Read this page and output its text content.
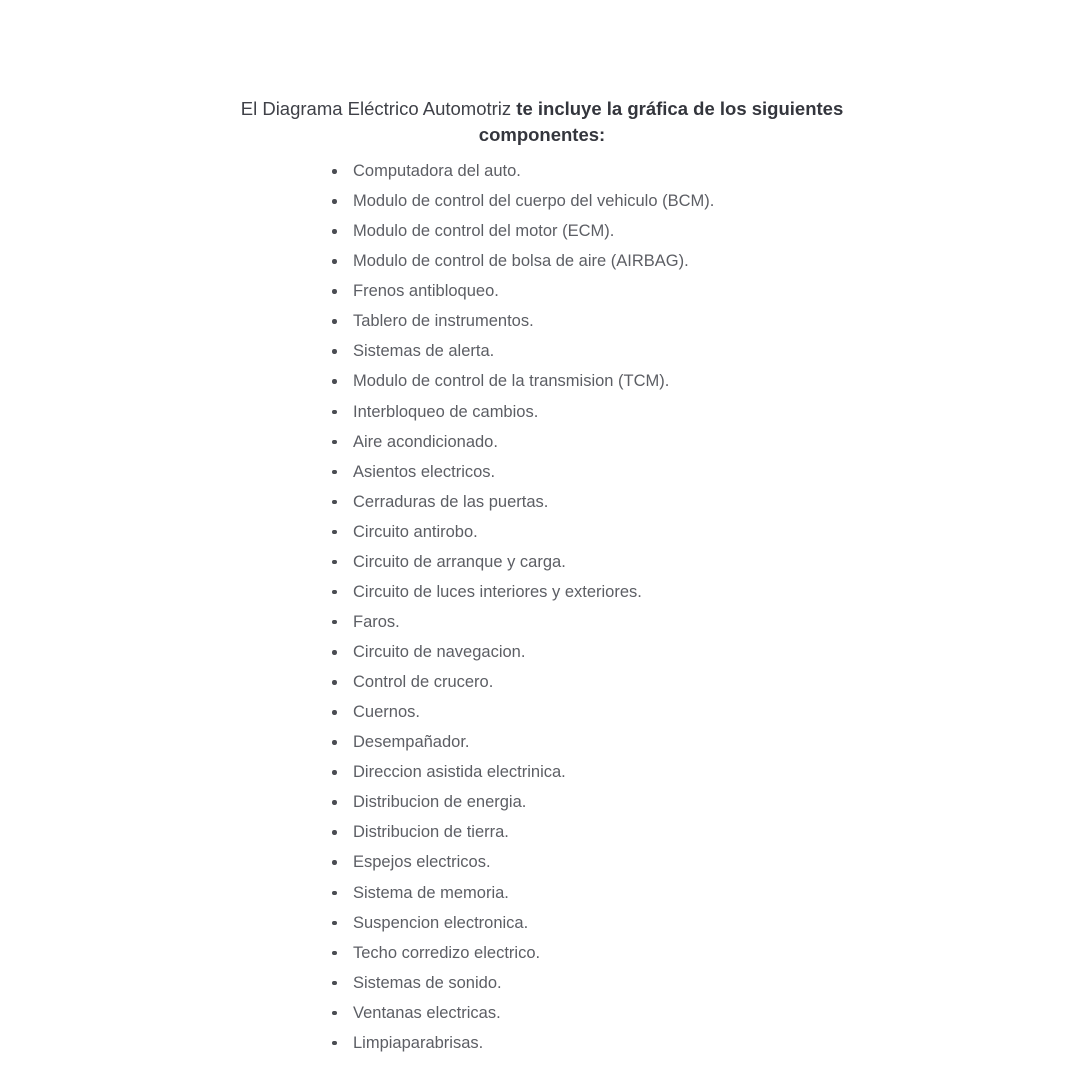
El Diagrama Eléctrico Automotriz te incluye la gráfica de los siguientes componentes:

Computadora del auto.
Modulo de control del cuerpo del vehiculo (BCM).
Modulo de control del motor (ECM).
Modulo de control de bolsa de aire (AIRBAG).
Frenos antibloqueo.
Tablero de instrumentos.
Sistemas de alerta.
Modulo de control de la transmision (TCM).
Interbloqueo de cambios.
Aire acondicionado.
Asientos electricos.
Cerraduras de las puertas.
Circuito antirobo.
Circuito de arranque y carga.
Circuito de luces interiores y exteriores.
Faros.
Circuito de navegacion.
Control de crucero.
Cuernos.
Desempañador.
Direccion asistida electrinica.
Distribucion de energia.
Distribucion de tierra.
Espejos electricos.
Sistema de memoria.
Suspencion electronica.
Techo corredizo electrico.
Sistemas de sonido.
Ventanas electricas.
Limpiaparabrisas.
